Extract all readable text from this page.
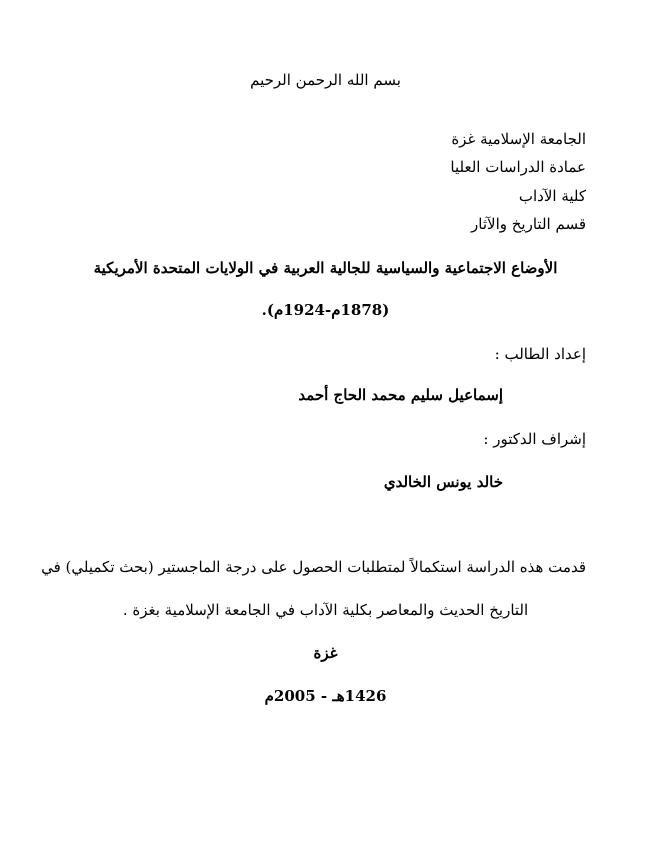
بسم الله الرحمن الرحيم
الجامعة الإسلامية غزة
عمادة الدراسات العليا
كلية الآداب
قسم التاريخ والآثار
الأوضاع الاجتماعية والسياسية للجالية العربية في الولايات المتحدة الأمريكية
(1878م-1924م).
إعداد الطالب :
إسماعيل سليم محمد الحاج أحمد
إشراف الدكتور :
خالد يونس الخالدي
قدمت هذه الدراسة استكمالاً لمتطلبات الحصول على درجة الماجستير (بحث تكميلي) في
التاريخ الحديث والمعاصر بكلية الآداب في الجامعة الإسلامية بغزة .
غزة
1426هـ - 2005م
